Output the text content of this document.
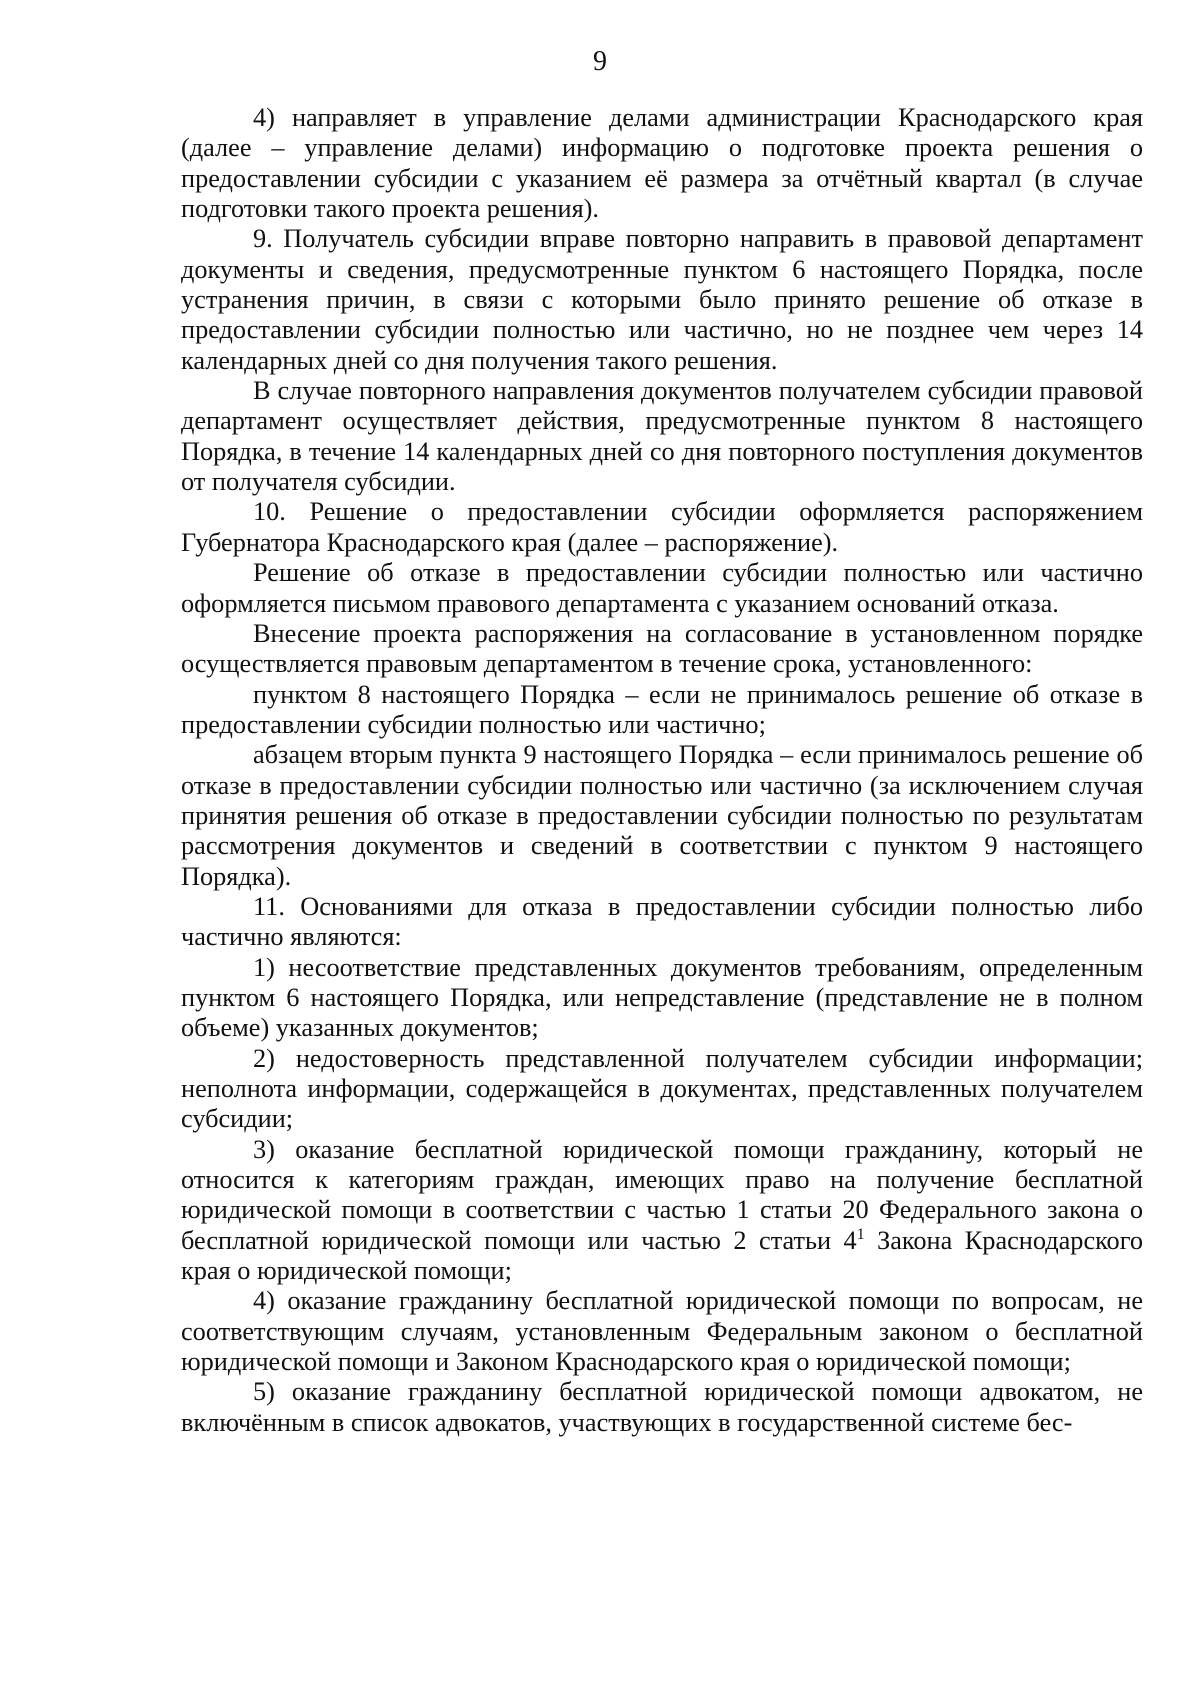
9

4) направляет в управление делами администрации Краснодарского края (далее – управление делами) информацию о подготовке проекта решения о предоставлении субсидии с указанием её размера за отчётный квартал (в случае подготовки такого проекта решения).

9. Получатель субсидии вправе повторно направить в правовой департамент документы и сведения, предусмотренные пунктом 6 настоящего Порядка, после устранения причин, в связи с которыми было принято решение об отказе в предоставлении субсидии полностью или частично, но не позднее чем через 14 календарных дней со дня получения такого решения.

В случае повторного направления документов получателем субсидии правовой департамент осуществляет действия, предусмотренные пунктом 8 настоящего Порядка, в течение 14 календарных дней со дня повторного поступления документов от получателя субсидии.

10. Решение о предоставлении субсидии оформляется распоряжением Губернатора Краснодарского края (далее – распоряжение).

Решение об отказе в предоставлении субсидии полностью или частично оформляется письмом правового департамента с указанием оснований отказа.

Внесение проекта распоряжения на согласование в установленном порядке осуществляется правовым департаментом в течение срока, установленного:

пунктом 8 настоящего Порядка – если не принималось решение об отказе в предоставлении субсидии полностью или частично;

абзацем вторым пункта 9 настоящего Порядка – если принималось решение об отказе в предоставлении субсидии полностью или частично (за исключением случая принятия решения об отказе в предоставлении субсидии полностью по результатам рассмотрения документов и сведений в соответствии с пунктом 9 настоящего Порядка).

11. Основаниями для отказа в предоставлении субсидии полностью либо частично являются:

1) несоответствие представленных документов требованиям, определенным пунктом 6 настоящего Порядка, или непредставление (представление не в полном объеме) указанных документов;

2) недостоверность представленной получателем субсидии информации; неполнота информации, содержащейся в документах, представленных получателем субсидии;

3) оказание бесплатной юридической помощи гражданину, который не относится к категориям граждан, имеющих право на получение бесплатной юридической помощи в соответствии с частью 1 статьи 20 Федерального закона о бесплатной юридической помощи или частью 2 статьи $4^1$ Закона Краснодарского края о юридической помощи;

4) оказание гражданину бесплатной юридической помощи по вопросам, не соответствующим случаям, установленным Федеральным законом о бесплатной юридической помощи и Законом Краснодарского края о юридической помощи;

5) оказание гражданину бесплатной юридической помощи адвокатом, не включённым в список адвокатов, участвующих в государственной системе бес-
